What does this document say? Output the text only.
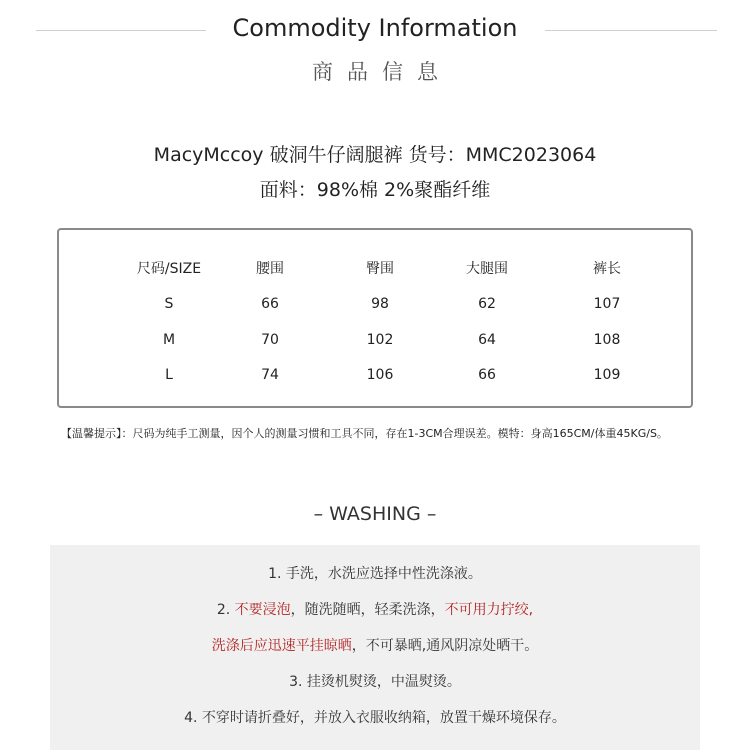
Commodity Information
商品信息
MacyMccoy 破洞牛仔阔腿裤 货号：MMC2023064
面料：98%棉 2%聚酯纤维
尺码/SIZE	腰围	臀围	大腿围	裤长
S	66	98	62	107
M	70	102	64	108
L	74	106	66	109
【温馨提示】：尺码为纯手工测量，因个人的测量习惯和工具不同，存在1-3CM合理误差。模特：身高165CM/体重45KG/S。
– WASHING –
1. 手洗，水洗应选择中性洗涤液。
2. 不要浸泡，随洗随晒，轻柔洗涤，不可用力拧绞,
洗涤后应迅速平挂晾晒，不可暴晒,通风阴凉处晒干。
3. 挂烫机熨烫，中温熨烫。
4. 不穿时请折叠好，并放入衣服收纳箱，放置干燥环境保存。
